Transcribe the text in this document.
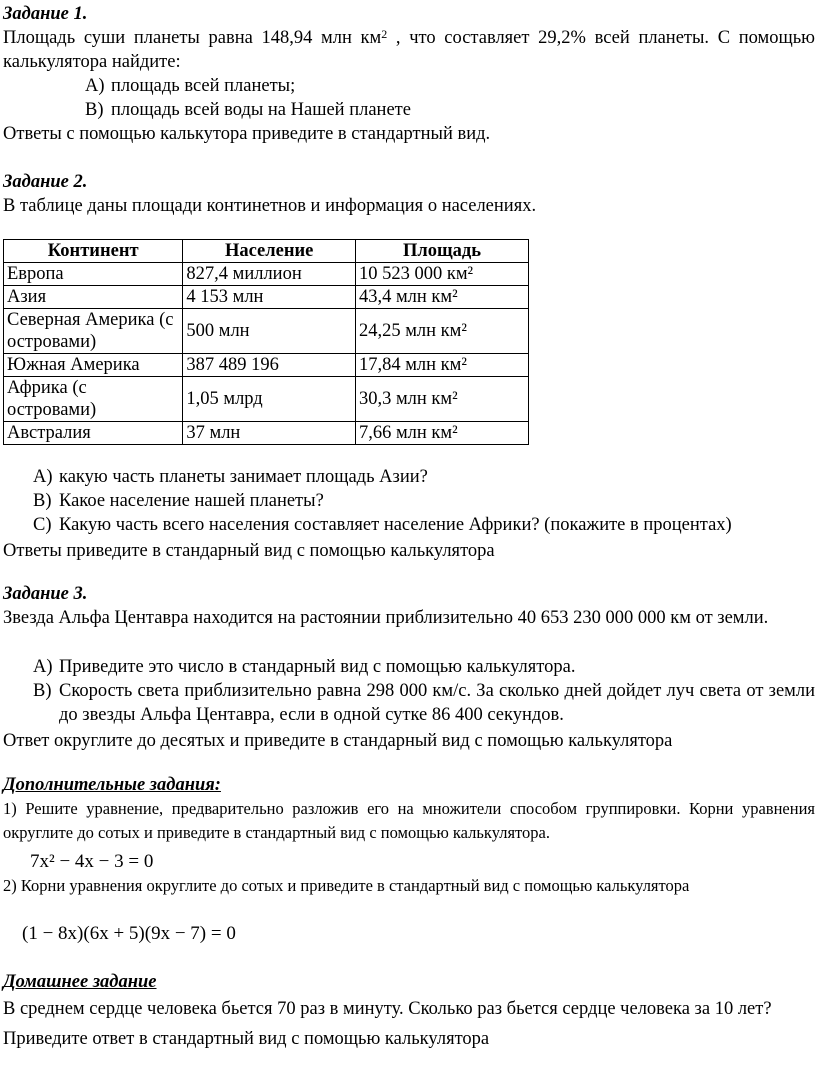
Задание 1.
Площадь суши планеты равна 148,94 млн $км^2$ , что составляет 29,2% всей планеты. С помощью калькулятора найдите:
A) площадь всей планеты;
B) площадь всей воды на Нашей планете
Ответы с помощью калькутора приведите в стандартный вид.
Задание 2.
В таблице даны площади континетнов и информация о населениях.
Континент	Население	Площадь
Европа	827,4 миллион	10 523 000 км²
Азия	4 153 млн	43,4 млн км²
Северная Америка (с островами)	500 млн	24,25 млн км²
Южная Америка	387 489 196	17,84 млн км²
Африка (с островами)	1,05 млрд	30,3 млн км²
Австралия	37 млн	7,66 млн км²
A) какую часть планеты занимает площадь Азии?
B) Какое население нашей планеты?
C) Какую часть всего населения составляет население Африки? (покажите в процентах)
Ответы приведите в стандарный вид с помощью калькулятора
Задание 3.
Звезда Альфа Центавра находится на растоянии приблизительно 40 653 230 000 000 км от земли.
A) Приведите это число в стандарный вид с помощью калькулятора.
B) Скорость света приблизительно равна 298 000 км/с. За сколько дней дойдет луч света от земли до звезды Альфа Центавра, если в одной сутке 86 400 секундов.
Ответ округлите до десятых и приведите в стандарный вид с помощью калькулятора
Дополнительные задания:
1) Решите уравнение, предварительно разложив его на множители способом группировки. Корни уравнения округлите до сотых и приведите в стандартный вид с помощью калькулятора.
7x² − 4x − 3 = 0
2) Корни уравнения округлите до сотых и приведите в стандартный вид с помощью калькулятора
(1 − 8x)(6x + 5)(9x − 7) = 0
Домашнее задание
В среднем сердце человека бьется 70 раз в минуту. Сколько раз бьется сердце человека за 10 лет? Приведите ответ в стандартный вид с помощью калькулятора
